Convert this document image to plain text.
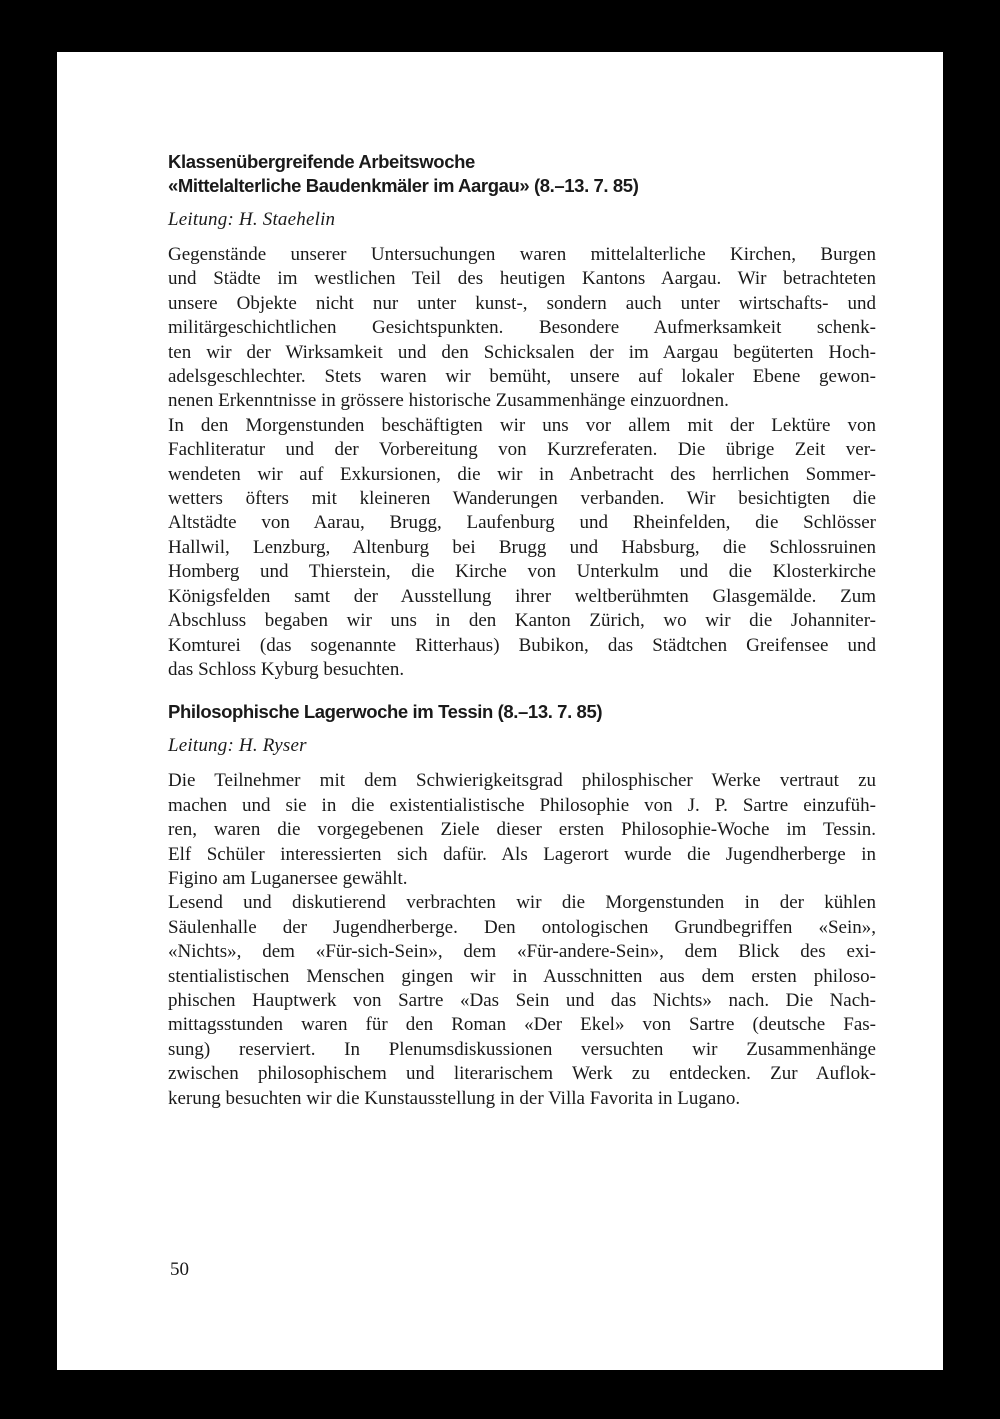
Klassenübergreifende Arbeitswoche
«Mittelalterliche Baudenkmäler im Aargau» (8.–13. 7. 85)

Leitung: H. Staehelin

Gegenstände unserer Untersuchungen waren mittelalterliche Kirchen, Burgen
und Städte im westlichen Teil des heutigen Kantons Aargau. Wir betrachteten
unsere Objekte nicht nur unter kunst-, sondern auch unter wirtschafts- und
militärgeschichtlichen Gesichtspunkten. Besondere Aufmerksamkeit schenk-
ten wir der Wirksamkeit und den Schicksalen der im Aargau begüterten Hoch-
adelsgeschlechter. Stets waren wir bemüht, unsere auf lokaler Ebene gewon-
nenen Erkenntnisse in grössere historische Zusammenhänge einzuordnen.
In den Morgenstunden beschäftigten wir uns vor allem mit der Lektüre von
Fachliteratur und der Vorbereitung von Kurzreferaten. Die übrige Zeit ver-
wendeten wir auf Exkursionen, die wir in Anbetracht des herrlichen Sommer-
wetters öfters mit kleineren Wanderungen verbanden. Wir besichtigten die
Altstädte von Aarau, Brugg, Laufenburg und Rheinfelden, die Schlösser
Hallwil, Lenzburg, Altenburg bei Brugg und Habsburg, die Schlossruinen
Homberg und Thierstein, die Kirche von Unterkulm und die Klosterkirche
Königsfelden samt der Ausstellung ihrer weltberühmten Glasgemälde. Zum
Abschluss begaben wir uns in den Kanton Zürich, wo wir die Johanniter-
Komturei (das sogenannte Ritterhaus) Bubikon, das Städtchen Greifensee und
das Schloss Kyburg besuchten.

Philosophische Lagerwoche im Tessin (8.–13. 7. 85)

Leitung: H. Ryser

Die Teilnehmer mit dem Schwierigkeitsgrad philosphischer Werke vertraut zu
machen und sie in die existentialistische Philosophie von J. P. Sartre einzufüh-
ren, waren die vorgegebenen Ziele dieser ersten Philosophie-Woche im Tessin.
Elf Schüler interessierten sich dafür. Als Lagerort wurde die Jugendherberge in
Figino am Luganersee gewählt.
Lesend und diskutierend verbrachten wir die Morgenstunden in der kühlen
Säulenhalle der Jugendherberge. Den ontologischen Grundbegriffen «Sein»,
«Nichts», dem «Für-sich-Sein», dem «Für-andere-Sein», dem Blick des exi-
stentialistischen Menschen gingen wir in Ausschnitten aus dem ersten philoso-
phischen Hauptwerk von Sartre «Das Sein und das Nichts» nach. Die Nach-
mittagsstunden waren für den Roman «Der Ekel» von Sartre (deutsche Fas-
sung) reserviert. In Plenumsdiskussionen versuchten wir Zusammenhänge
zwischen philosophischem und literarischem Werk zu entdecken. Zur Auflok-
kerung besuchten wir die Kunstausstellung in der Villa Favorita in Lugano.

50
